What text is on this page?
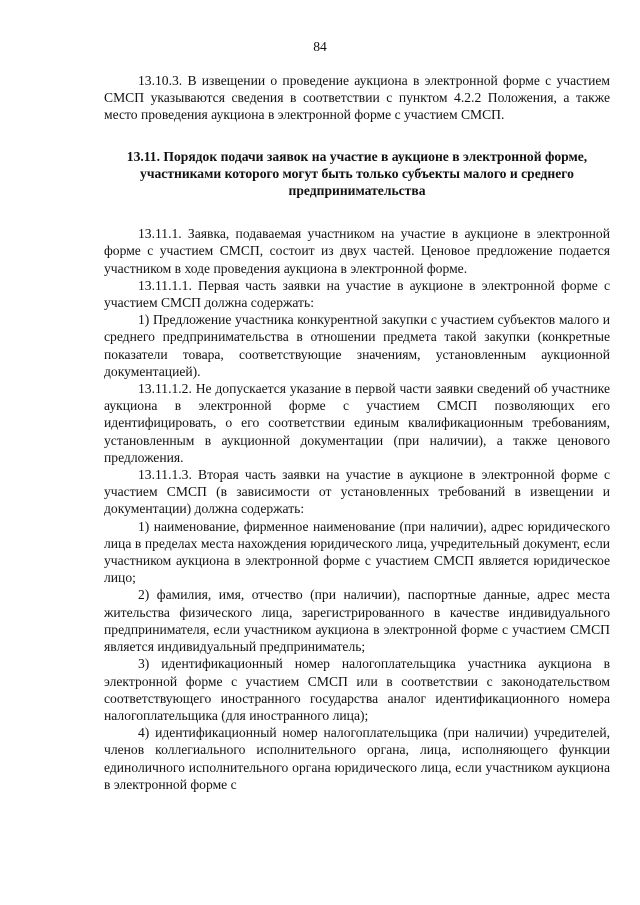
84

13.10.3. В извещении о проведение аукциона в электронной форме с участием СМСП указываются сведения в соответствии с пунктом 4.2.2 Положения, а также место проведения аукциона в электронной форме с участием СМСП.

13.11. Порядок подачи заявок на участие в аукционе в электронной форме, участниками которого могут быть только субъекты малого и среднего предпринимательства

13.11.1. Заявка, подаваемая участником на участие в аукционе в электронной форме с участием СМСП, состоит из двух частей. Ценовое предложение подается участником в ходе проведения аукциона в электронной форме.

13.11.1.1. Первая часть заявки на участие в аукционе в электронной форме с участием СМСП должна содержать:

1) Предложение участника конкурентной закупки с участием субъектов малого и среднего предпринимательства в отношении предмета такой закупки (конкретные показатели товара, соответствующие значениям, установленным аукционной документацией).

13.11.1.2. Не допускается указание в первой части заявки сведений об участнике аукциона в электронной форме с участием СМСП позволяющих его идентифицировать, о его соответствии единым квалификационным требованиям, установленным в аукционной документации (при наличии), а также ценового предложения.

13.11.1.3. Вторая часть заявки на участие в аукционе в электронной форме с участием СМСП (в зависимости от установленных требований в извещении и документации) должна содержать:

1) наименование, фирменное наименование (при наличии), адрес юридического лица в пределах места нахождения юридического лица, учредительный документ, если участником аукциона в электронной форме с участием СМСП является юридическое лицо;

2) фамилия, имя, отчество (при наличии), паспортные данные, адрес места жительства физического лица, зарегистрированного в качестве индивидуального предпринимателя, если участником аукциона в электронной форме с участием СМСП является индивидуальный предприниматель;

3) идентификационный номер налогоплательщика участника аукциона в электронной форме с участием СМСП или в соответствии с законодательством соответствующего иностранного государства аналог идентификационного номера налогоплательщика (для иностранного лица);

4) идентификационный номер налогоплательщика (при наличии) учредителей, членов коллегиального исполнительного органа, лица, исполняющего функции единоличного исполнительного органа юридического лица, если участником аукциона в электронной форме с
